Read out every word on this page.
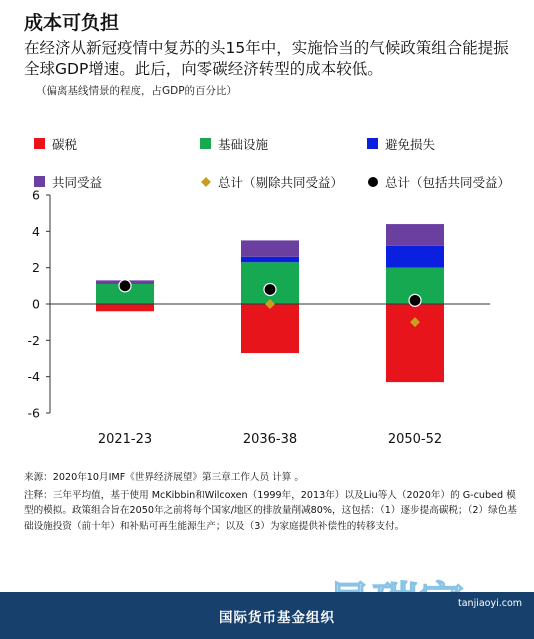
成本可负担
在经济从新冠疫情中复苏的头15年中，实施恰当的气候政策组合能提振全球GDP增速。此后，向零碳经济转型的成本较低。
（偏离基线情景的程度，占GDP的百分比）
碳税	基础设施	避免损失
共同受益	总计（剔除共同受益）	总计（包括共同受益）
-6
-4
-2
0
2
4
6
2021-23	2036-38	2050-52

来源：2020年10月IMF《世界经济展望》第三章工作人员 计算 。

注释：三年平均值，基于使用 McKibbin和Wilcoxen（1999年，2013年）以及Liu等人（2020年）的 G-cubed 模型的模拟。政策组合旨在2050年之前将每个国家/地区的排放量削减80%，这包括：（1）逐步提高碳税；（2）绿色基础设施投资（前十年）和补贴可再生能源生产；以及（3）为家庭提供补偿性的转移支付。

国际货币基金组织
tanjiaoyi.com
